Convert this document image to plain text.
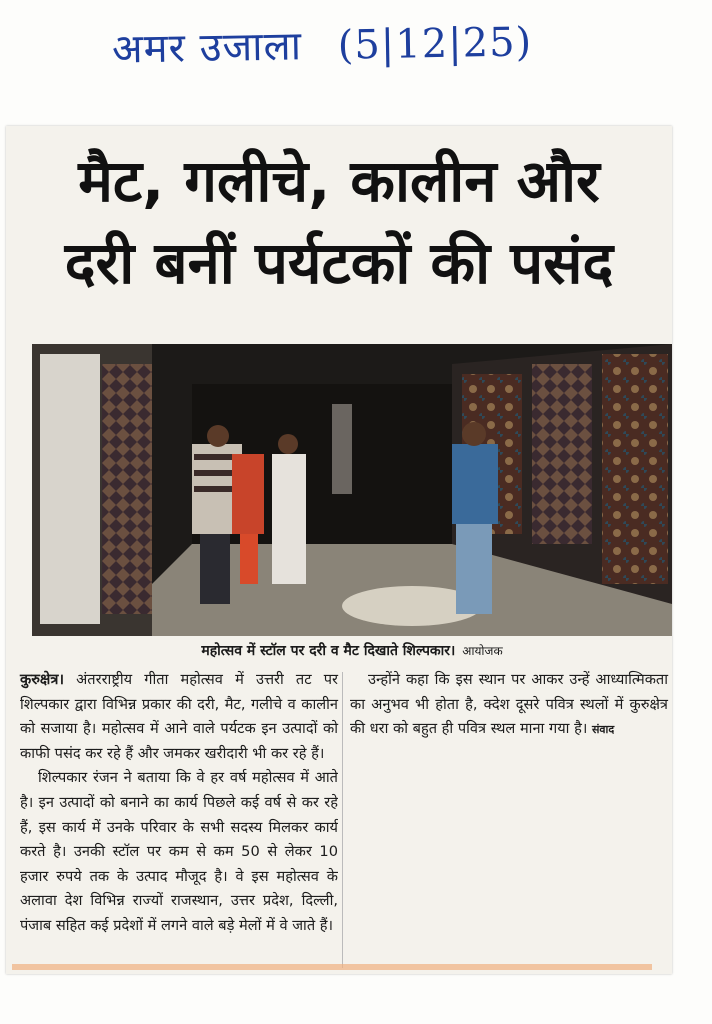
अमर उजाला (5|12|25)
मैट, गलीचे, कालीन और
दरी बनीं पर्यटकों की पसंद
महोत्सव में स्टॉल पर दरी व मैट दिखाते शिल्पकार। आयोजक

कुरुक्षेत्र। अंतरराष्ट्रीय गीता महोत्सव में उत्तरी तट पर शिल्पकार द्वारा विभिन्न प्रकार की दरी, मैट, गलीचे व कालीन को सजाया है। महोत्सव में आने वाले पर्यटक इन उत्पादों को काफी पसंद कर रहे हैं और जमकर खरीदारी भी कर रहे हैं।

शिल्पकार रंजन ने बताया कि वे हर वर्ष महोत्सव में आते है। इन उत्पादों को बनाने का कार्य पिछले कई वर्ष से कर रहे हैं, इस कार्य में उनके परिवार के सभी सदस्य मिलकर कार्य करते है। उनकी स्टॉल पर कम से कम 50 से लेकर 10 हजार रुपये तक के उत्पाद मौजूद है। वे इस महोत्सव के अलावा देश विभिन्न राज्यों राजस्थान, उत्तर प्रदेश, दिल्ली, पंजाब सहित कई प्रदेशों में लगने वाले बड़े मेलों में वे जाते हैं।

उन्होंने कहा कि इस स्थान पर आकर उन्हें आध्यात्मिकता का अनुभव भी होता है, क्देश दूसरे पवित्र स्थलों में कुरुक्षेत्र की धरा को बहुत ही पवित्र स्थल माना गया है। संवाद
